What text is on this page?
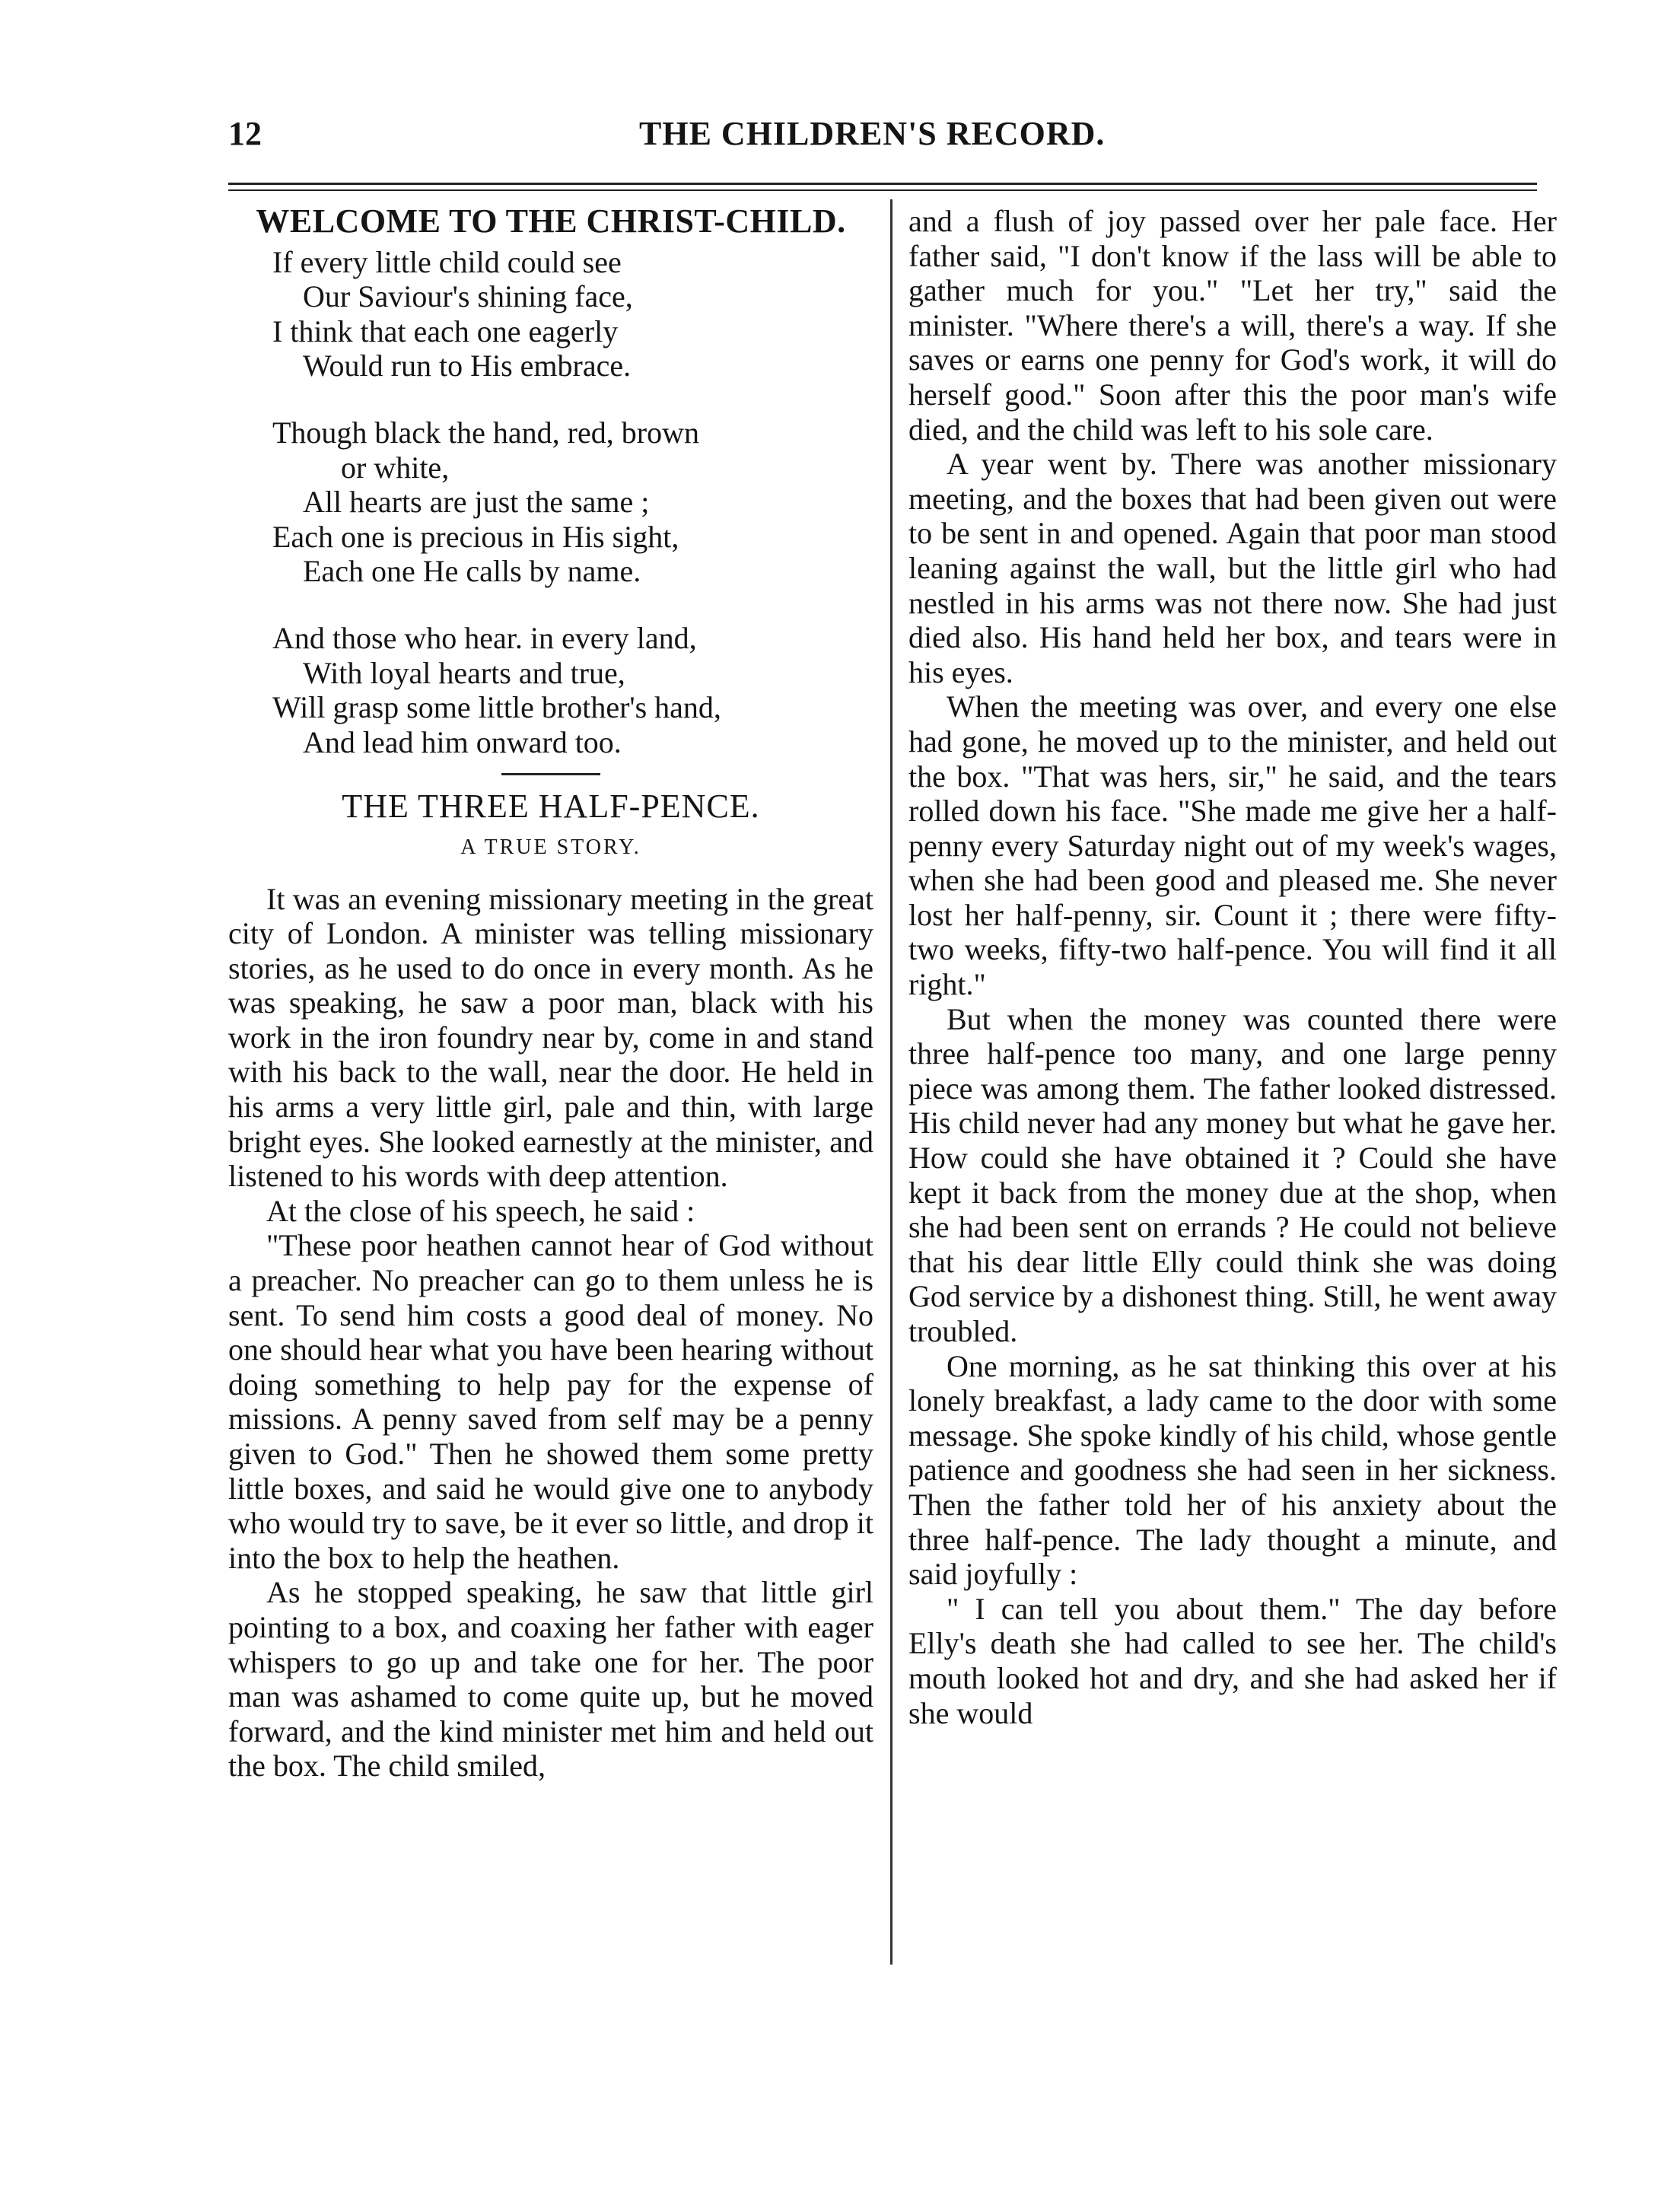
12	THE CHILDREN'S RECORD.
WELCOME TO THE CHRIST-CHILD.
If every little child could see
Our Saviour's shining face,
I think that each one eagerly
Would run to His embrace.
Though black the hand, red, brown
or white,
All hearts are just the same ;
Each one is precious in His sight,
Each one He calls by name.
And those who hear. in every land,
With loyal hearts and true,
Will grasp some little brother's hand,
And lead him onward too.
THE THREE HALF-PENCE.
A TRUE STORY.

It was an evening missionary meeting in the great city of London. A minister was telling missionary stories, as he used to do once in every month. As he was speaking, he saw a poor man, black with his work in the iron foundry near by, come in and stand with his back to the wall, near the door. He held in his arms a very little girl, pale and thin, with large bright eyes. She looked earnestly at the minister, and listened to his words with deep attention.

At the close of his speech, he said :

"These poor heathen cannot hear of God without a preacher. No preacher can go to them unless he is sent. To send him costs a good deal of money. No one should hear what you have been hearing without doing something to help pay for the expense of missions. A penny saved from self may be a penny given to God." Then he showed them some pretty little boxes, and said he would give one to anybody who would try to save, be it ever so little, and drop it into the box to help the heathen.

As he stopped speaking, he saw that little girl pointing to a box, and coaxing her father with eager whispers to go up and take one for her. The poor man was ashamed to come quite up, but he moved forward, and the kind minister met him and held out the box. The child smiled,

and a flush of joy passed over her pale face. Her father said, "I don't know if the lass will be able to gather much for you." "Let her try," said the minister. "Where there's a will, there's a way. If she saves or earns one penny for God's work, it will do herself good." Soon after this the poor man's wife died, and the child was left to his sole care.

A year went by. There was another missionary meeting, and the boxes that had been given out were to be sent in and opened. Again that poor man stood leaning against the wall, but the little girl who had nestled in his arms was not there now. She had just died also. His hand held her box, and tears were in his eyes.

When the meeting was over, and every one else had gone, he moved up to the minister, and held out the box. "That was hers, sir," he said, and the tears rolled down his face. "She made me give her a half-penny every Saturday night out of my week's wages, when she had been good and pleased me. She never lost her half-penny, sir. Count it ; there were fifty-two weeks, fifty-two half-pence. You will find it all right."

But when the money was counted there were three half-pence too many, and one large penny piece was among them. The father looked distressed. His child never had any money but what he gave her. How could she have obtained it ? Could she have kept it back from the money due at the shop, when she had been sent on errands ? He could not believe that his dear little Elly could think she was doing God service by a dishonest thing. Still, he went away troubled.

One morning, as he sat thinking this over at his lonely breakfast, a lady came to the door with some message. She spoke kindly of his child, whose gentle patience and goodness she had seen in her sickness. Then the father told her of his anxiety about the three half-pence. The lady thought a minute, and said joyfully :

" I can tell you about them." The day before Elly's death she had called to see her. The child's mouth looked hot and dry, and she had asked her if she would
